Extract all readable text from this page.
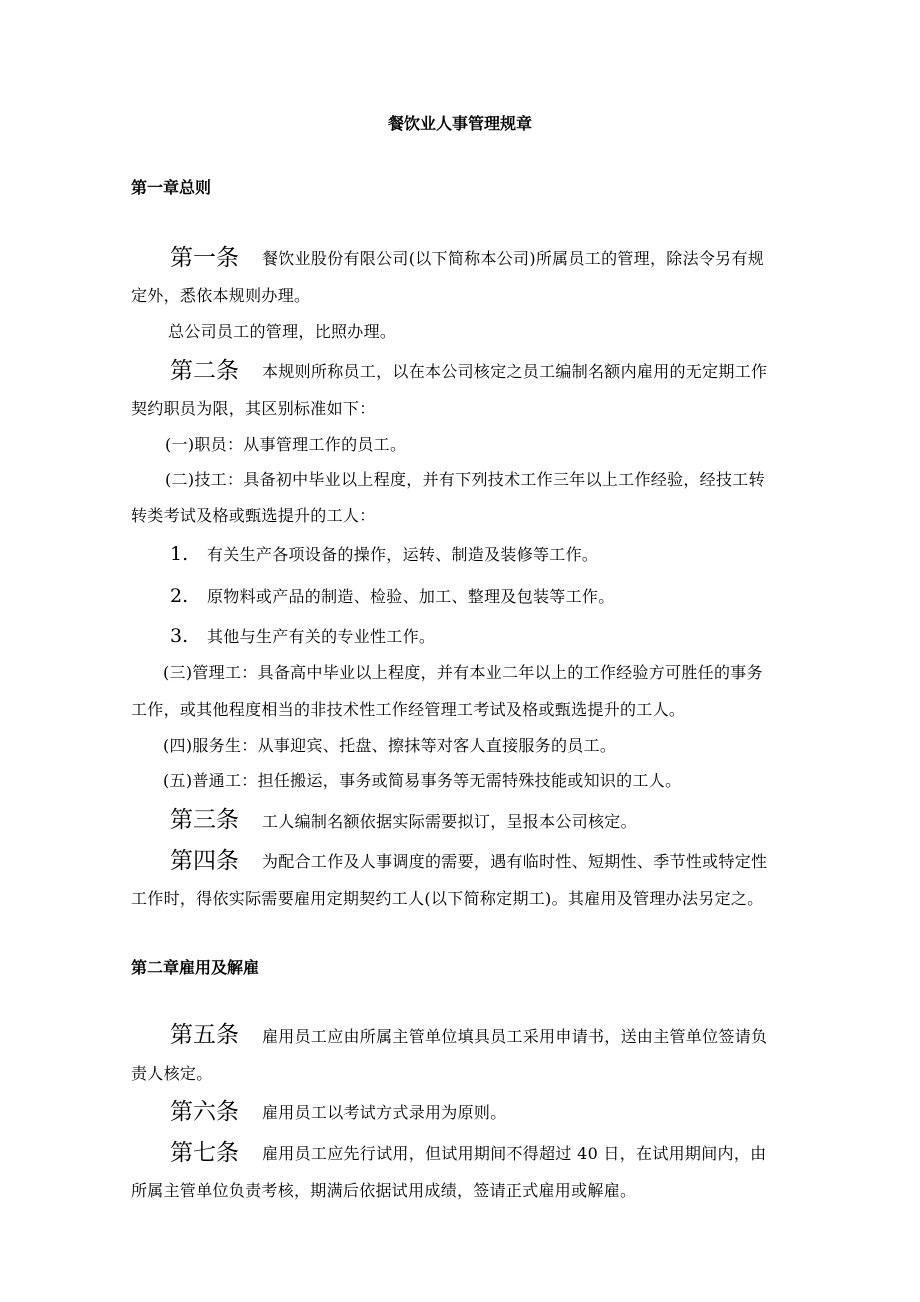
餐饮业人事管理规章
第一章总则
第一条 餐饮业股份有限公司(以下简称本公司)所属员工的管理，除法令另有规
定外，悉依本规则办理。
总公司员工的管理，比照办理。
第二条 本规则所称员工，以在本公司核定之员工编制名额内雇用的无定期工作
契约职员为限，其区别标准如下：
(一)职员：从事管理工作的员工。
(二)技工：具备初中毕业以上程度，并有下列技术工作三年以上工作经验，经技工转
转类考试及格或甄选提升的工人：
1. 有关生产各项设备的操作，运转、制造及装修等工作。
2. 原物料或产品的制造、检验、加工、整理及包装等工作。
3. 其他与生产有关的专业性工作。
(三)管理工：具备高中毕业以上程度，并有本业二年以上的工作经验方可胜任的事务
工作，或其他程度相当的非技术性工作经管理工考试及格或甄选提升的工人。
(四)服务生：从事迎宾、托盘、擦抹等对客人直接服务的员工。
(五)普通工：担任搬运，事务或简易事务等无需特殊技能或知识的工人。
第三条 工人编制名额依据实际需要拟订，呈报本公司核定。
第四条 为配合工作及人事调度的需要，遇有临时性、短期性、季节性或特定性
工作时，得依实际需要雇用定期契约工人(以下简称定期工)。其雇用及管理办法另定之。
第二章雇用及解雇
第五条 雇用员工应由所属主管单位填具员工采用申请书，送由主管单位签请负
责人核定。
第六条 雇用员工以考试方式录用为原则。
第七条 雇用员工应先行试用，但试用期间不得超过 40 日，在试用期间内，由
所属主管单位负责考核，期满后依据试用成绩，签请正式雇用或解雇。
